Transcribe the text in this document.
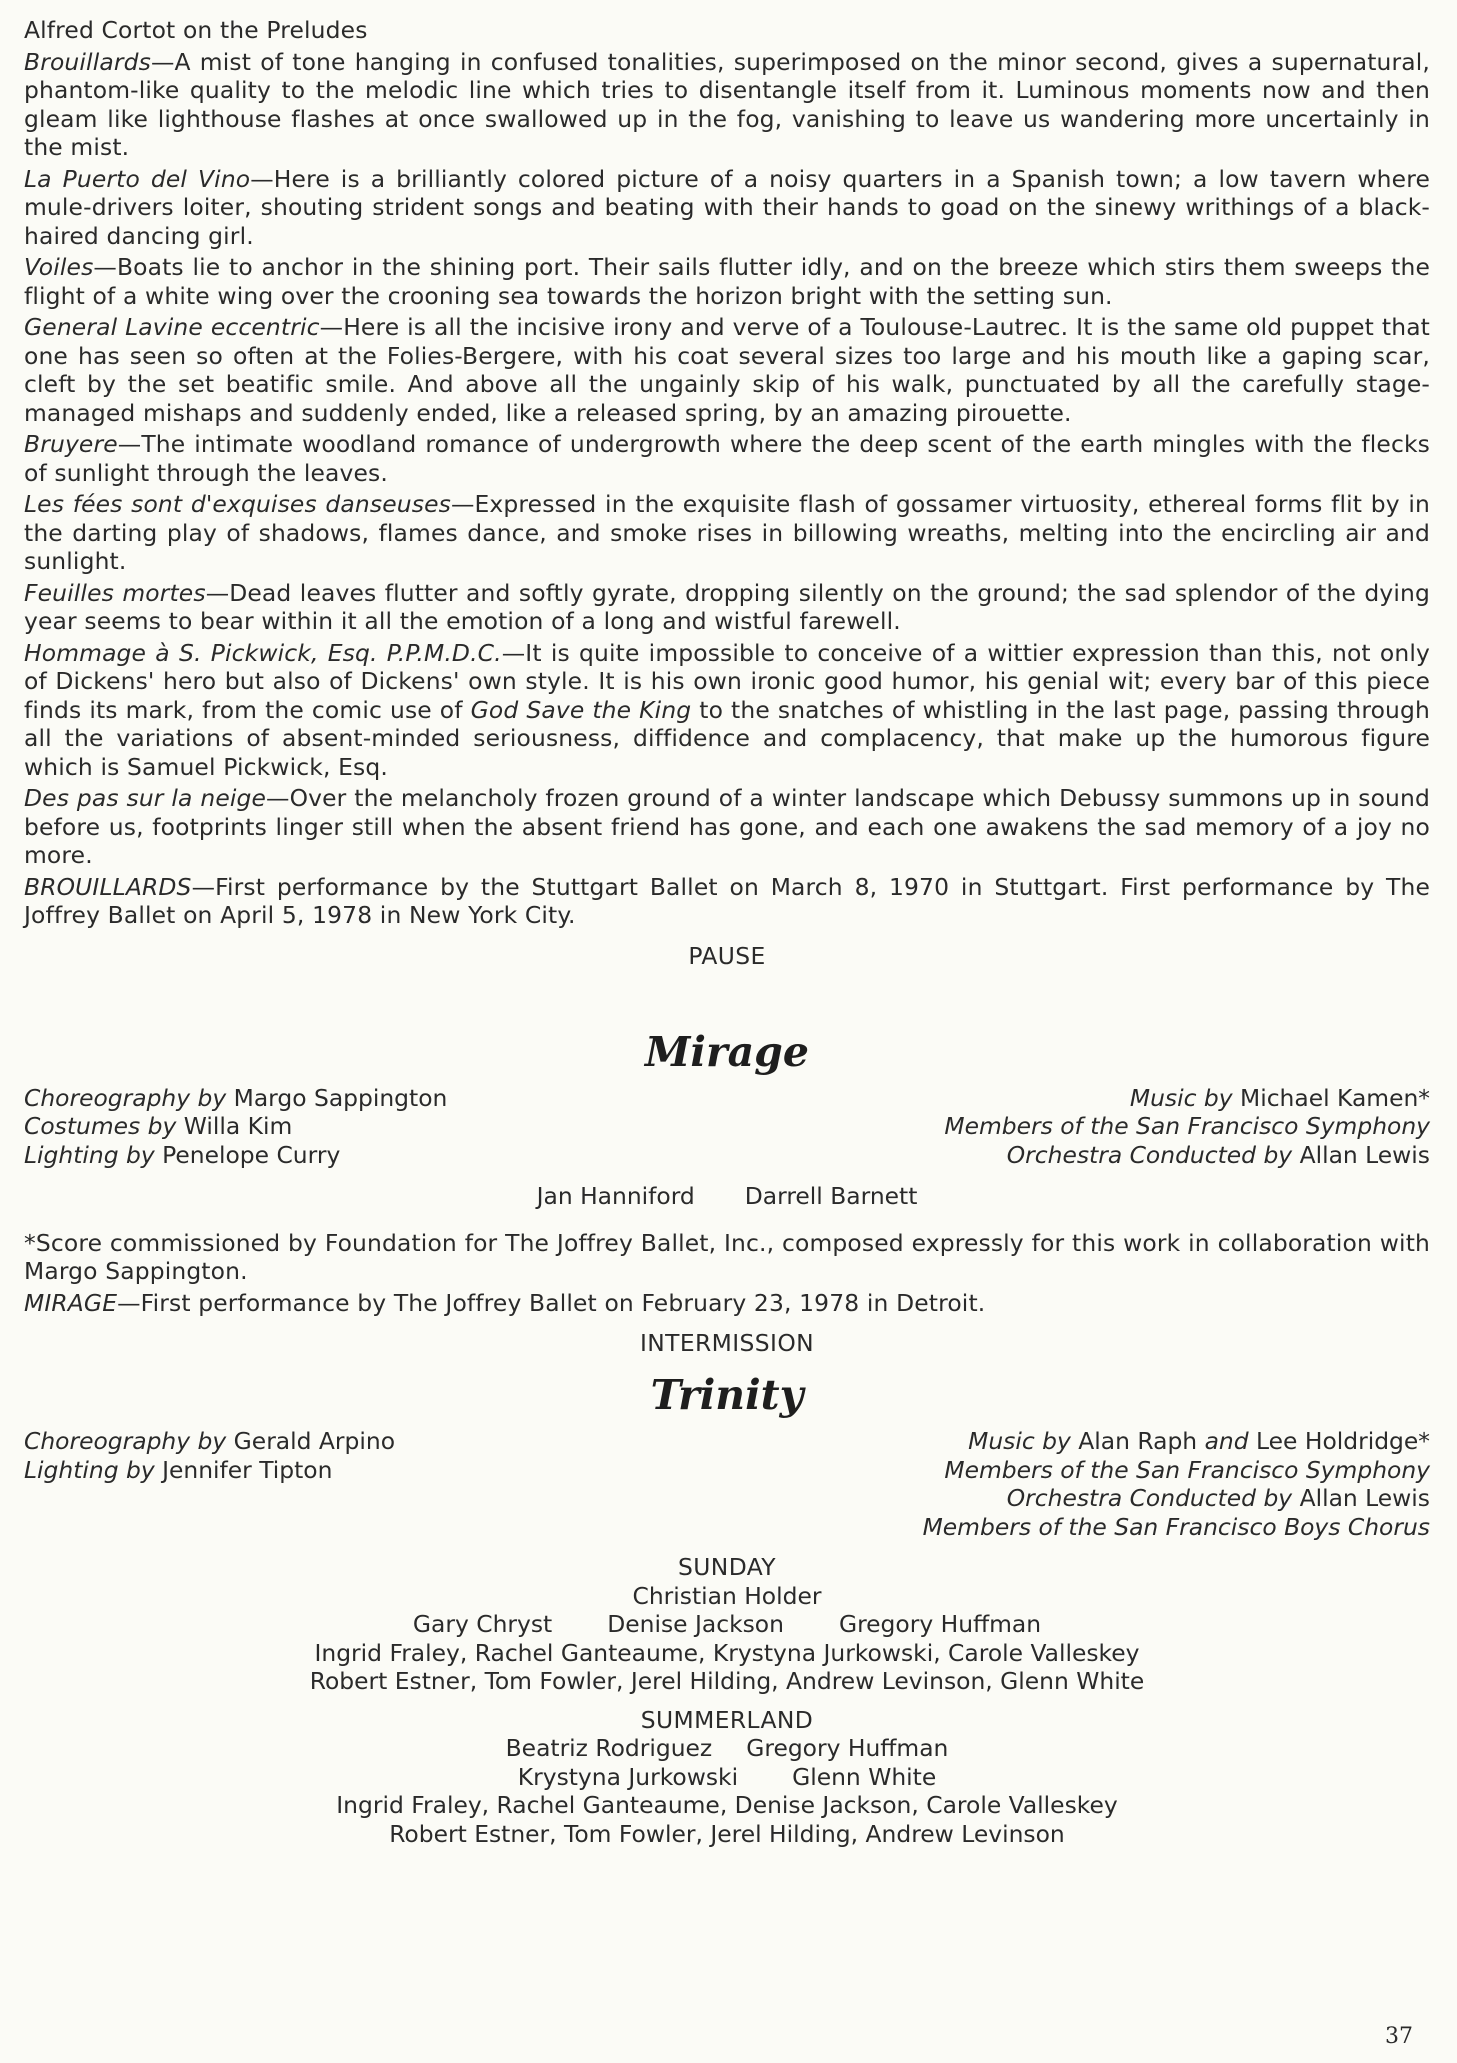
Alfred Cortot on the Preludes
Brouillards—A mist of tone hanging in confused tonalities, superimposed on the minor second, gives a supernatural, phantom-like quality to the melodic line which tries to disentangle itself from it. Luminous moments now and then gleam like lighthouse flashes at once swallowed up in the fog, vanishing to leave us wandering more uncertainly in the mist.
La Puerto del Vino—Here is a brilliantly colored picture of a noisy quarters in a Spanish town; a low tavern where mule-drivers loiter, shouting strident songs and beating with their hands to goad on the sinewy writhings of a black-haired dancing girl.
Voiles—Boats lie to anchor in the shining port. Their sails flutter idly, and on the breeze which stirs them sweeps the flight of a white wing over the crooning sea towards the horizon bright with the setting sun.
General Lavine eccentric—Here is all the incisive irony and verve of a Toulouse-Lautrec. It is the same old puppet that one has seen so often at the Folies-Bergere, with his coat several sizes too large and his mouth like a gaping scar, cleft by the set beatific smile. And above all the ungainly skip of his walk, punctuated by all the carefully stage-managed mishaps and suddenly ended, like a released spring, by an amazing pirouette.
Bruyere—The intimate woodland romance of undergrowth where the deep scent of the earth mingles with the flecks of sunlight through the leaves.
Les fées sont d'exquises danseuses—Expressed in the exquisite flash of gossamer virtuosity, ethereal forms flit by in the darting play of shadows, flames dance, and smoke rises in billowing wreaths, melting into the encircling air and sunlight.
Feuilles mortes—Dead leaves flutter and softly gyrate, dropping silently on the ground; the sad splendor of the dying year seems to bear within it all the emotion of a long and wistful farewell.
Hommage à S. Pickwick, Esq. P.P.M.D.C.—It is quite impossible to conceive of a wittier expression than this, not only of Dickens' hero but also of Dickens' own style. It is his own ironic good humor, his genial wit; every bar of this piece finds its mark, from the comic use of God Save the King to the snatches of whistling in the last page, passing through all the variations of absent-minded seriousness, diffidence and complacency, that make up the humorous figure which is Samuel Pickwick, Esq.
Des pas sur la neige—Over the melancholy frozen ground of a winter landscape which Debussy summons up in sound before us, footprints linger still when the absent friend has gone, and each one awakens the sad memory of a joy no more.
BROUILLARDS—First performance by the Stuttgart Ballet on March 8, 1970 in Stuttgart. First performance by The Joffrey Ballet on April 5, 1978 in New York City.
PAUSE
Mirage
Choreography by Margo Sappington
Costumes by Willa Kim
Lighting by Penelope Curry
Music by Michael Kamen*
Members of the San Francisco Symphony
Orchestra Conducted by Allan Lewis
Jan Hanniford Darrell Barnett
*Score commissioned by Foundation for The Joffrey Ballet, Inc., composed expressly for this work in collaboration with Margo Sappington.
MIRAGE—First performance by The Joffrey Ballet on February 23, 1978 in Detroit.
INTERMISSION
Trinity
Choreography by Gerald Arpino
Lighting by Jennifer Tipton
Music by Alan Raph and Lee Holdridge*
Members of the San Francisco Symphony
Orchestra Conducted by Allan Lewis
Members of the San Francisco Boys Chorus
SUNDAY
Christian Holder
Gary Chryst Denise Jackson Gregory Huffman
Ingrid Fraley, Rachel Ganteaume, Krystyna Jurkowski, Carole Valleskey
Robert Estner, Tom Fowler, Jerel Hilding, Andrew Levinson, Glenn White
SUMMERLAND
Beatriz Rodriguez Gregory Huffman
Krystyna Jurkowski Glenn White
Ingrid Fraley, Rachel Ganteaume, Denise Jackson, Carole Valleskey
Robert Estner, Tom Fowler, Jerel Hilding, Andrew Levinson
37
